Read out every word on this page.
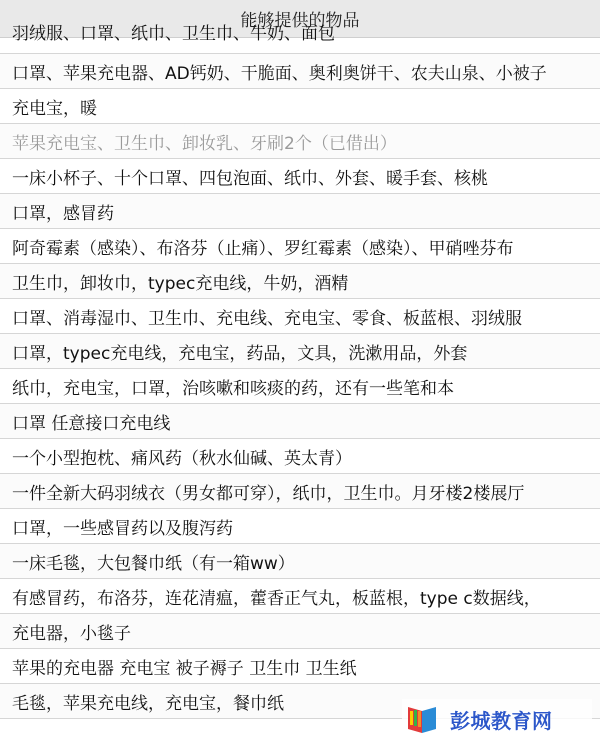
能够提供的物品
羽绒服、口罩、纸巾、卫生巾、牛奶、面包
口罩、苹果充电器、AD钙奶、干脆面、奥利奥饼干、农夫山泉、小被子
充电宝，暖
苹果充电宝、卫生巾、卸妆乳、牙刷2个（已借出）
一床小杯子、十个口罩、四包泡面、纸巾、外套、暖手套、核桃
口罩，感冒药
阿奇霉素（感染）、布洛芬（止痛）、罗红霉素（感染）、甲硝唑芬布
卫生巾，卸妆巾，typec充电线，牛奶，酒精
口罩、消毒湿巾、卫生巾、充电线、充电宝、零食、板蓝根、羽绒服
口罩，typec充电线，充电宝，药品，文具，洗漱用品，外套
纸巾，充电宝，口罩，治咳嗽和咳痰的药，还有一些笔和本
口罩 任意接口充电线
一个小型抱枕、痛风药（秋水仙碱、英太青）
一件全新大码羽绒衣（男女都可穿），纸巾，卫生巾。月牙楼2楼展厅
口罩，一些感冒药以及腹泻药
一床毛毯，大包餐巾纸（有一箱ww）
有感冒药，布洛芬，连花清瘟，藿香正气丸，板蓝根，type c数据线，
充电器，小毯子
苹果的充电器 充电宝 被子褥子 卫生巾 卫生纸
毛毯，苹果充电线，充电宝，餐巾纸
彭城教育网
